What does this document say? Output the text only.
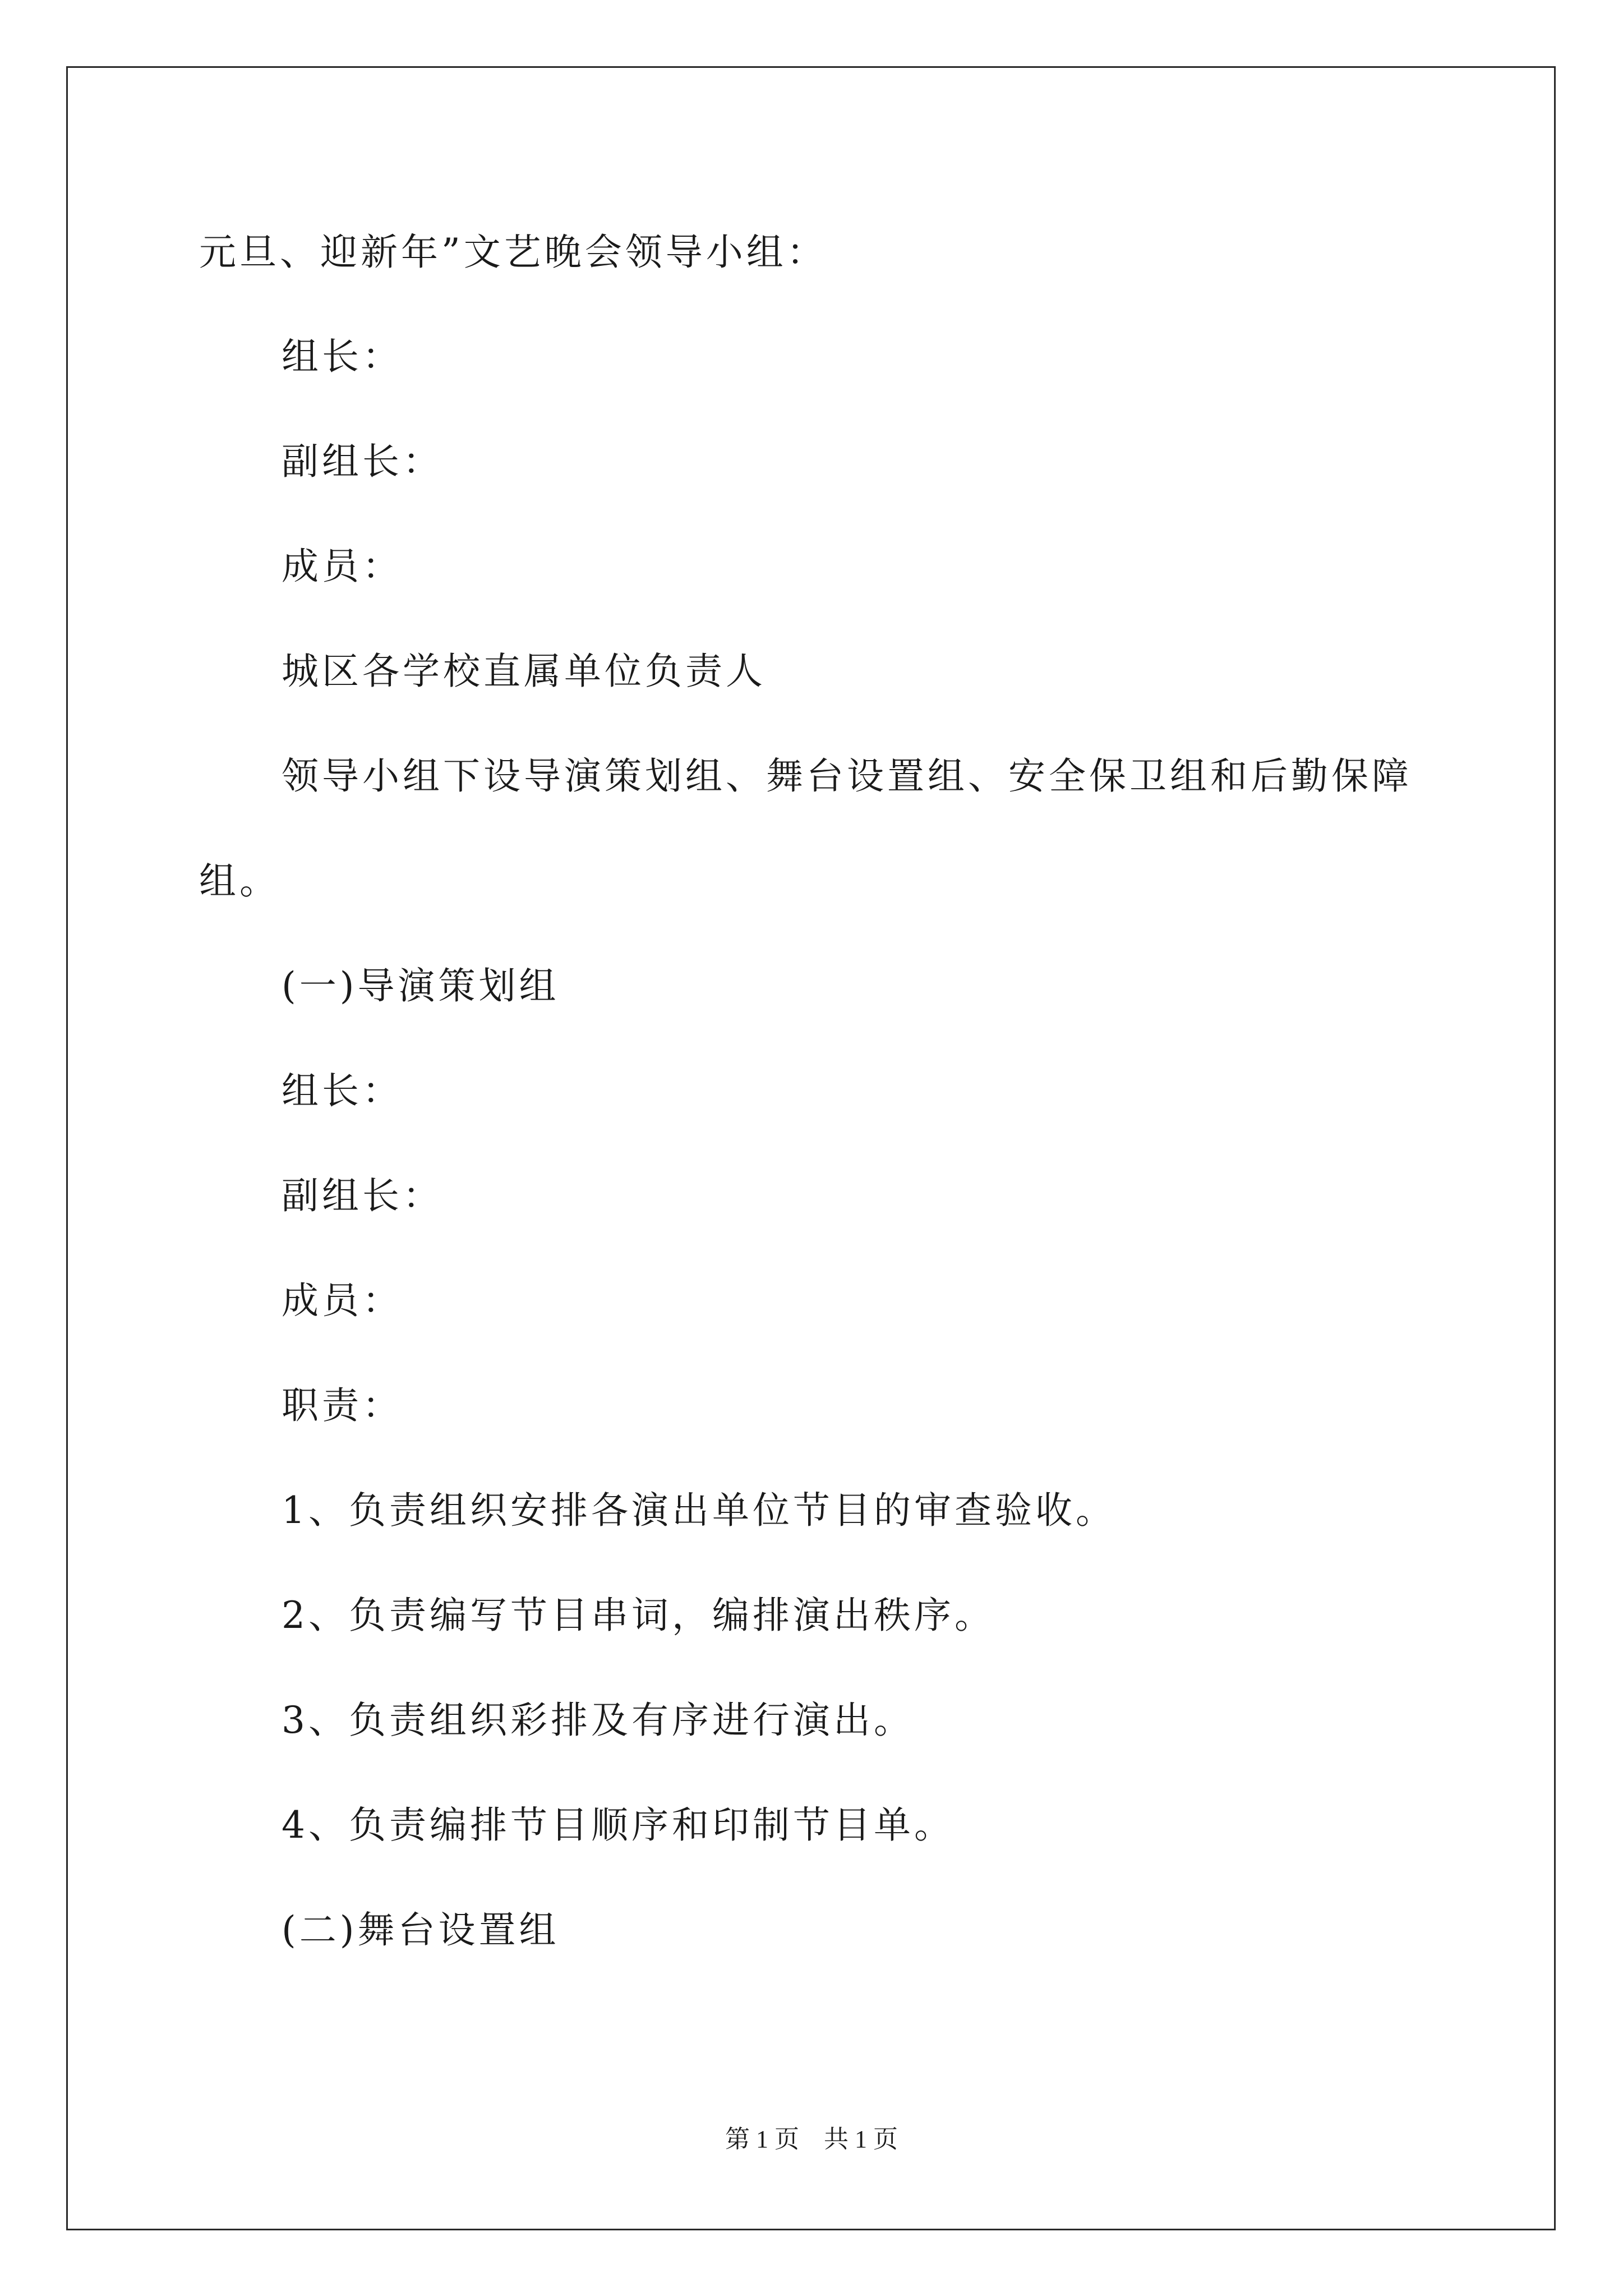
元旦、迎新年”文艺晚会领导小组：
组长：
副组长：
成员：
城区各学校直属单位负责人
领导小组下设导演策划组、舞台设置组、安全保卫组和后勤保障
组。
(一)导演策划组
组长：
副组长：
成员：
职责：
1、负责组织安排各演出单位节目的审查验收。
2、负责编写节目串词，编排演出秩序。
3、负责组织彩排及有序进行演出。
4、负责编排节目顺序和印制节目单。
(二)舞台设置组
第 1 页　共 1 页
